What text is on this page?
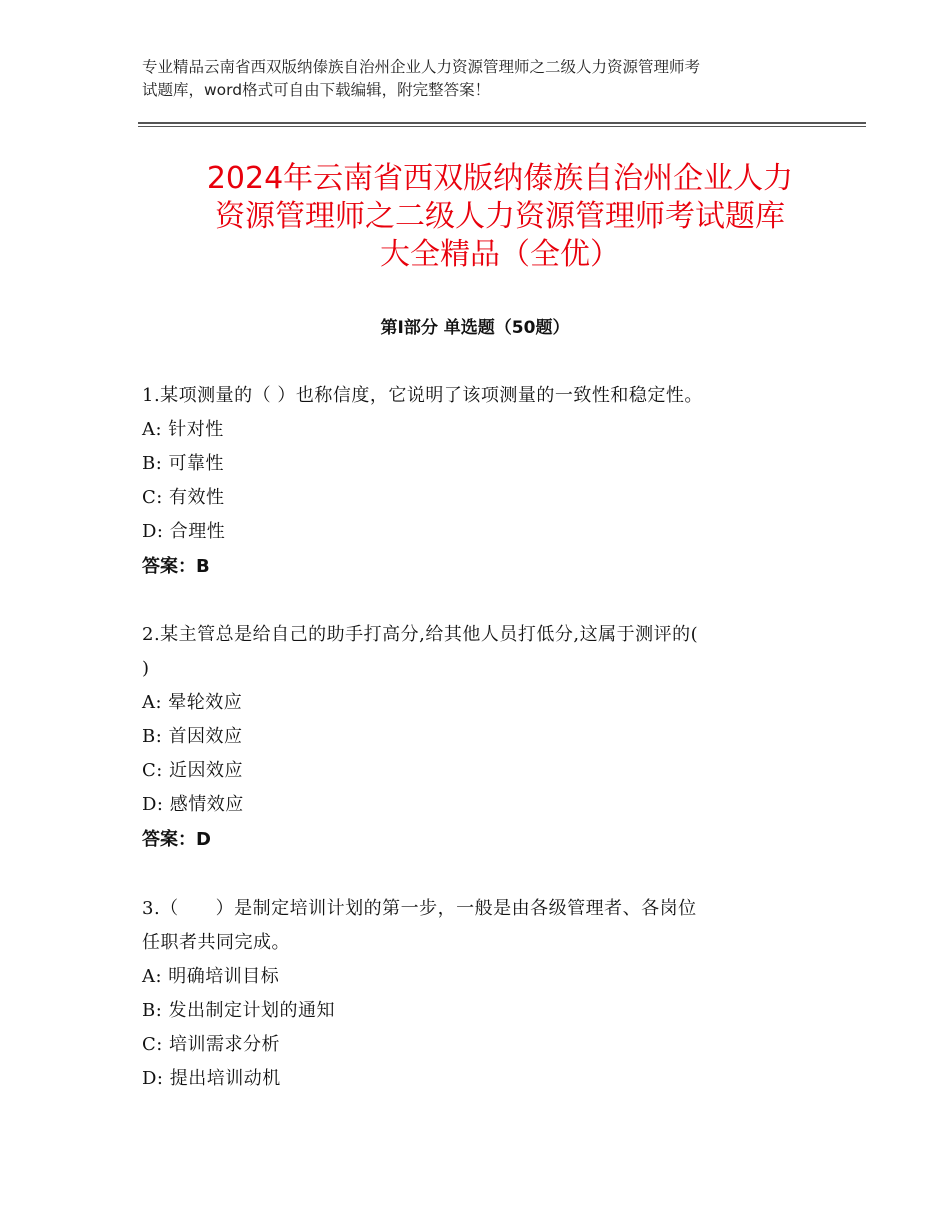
专业精品云南省西双版纳傣族自治州企业人力资源管理师之二级人力资源管理师考
试题库，word格式可自由下载编辑，附完整答案！
2024年云南省西双版纳傣族自治州企业人力
资源管理师之二级人力资源管理师考试题库
大全精品（全优）
第Ⅰ部分 单选题（50题）
1.某项测量的（ ）也称信度，它说明了该项测量的一致性和稳定性。
A: 针对性
B: 可靠性
C: 有效性
D: 合理性
答案：B
2.某主管总是给自己的助手打高分,给其他人员打低分,这属于测评的(
)
A: 晕轮效应
B: 首因效应
C: 近因效应
D: 感情效应
答案：D
3.（　　）是制定培训计划的第一步，一般是由各级管理者、各岗位
任职者共同完成。
A: 明确培训目标
B: 发出制定计划的通知
C: 培训需求分析
D: 提出培训动机
